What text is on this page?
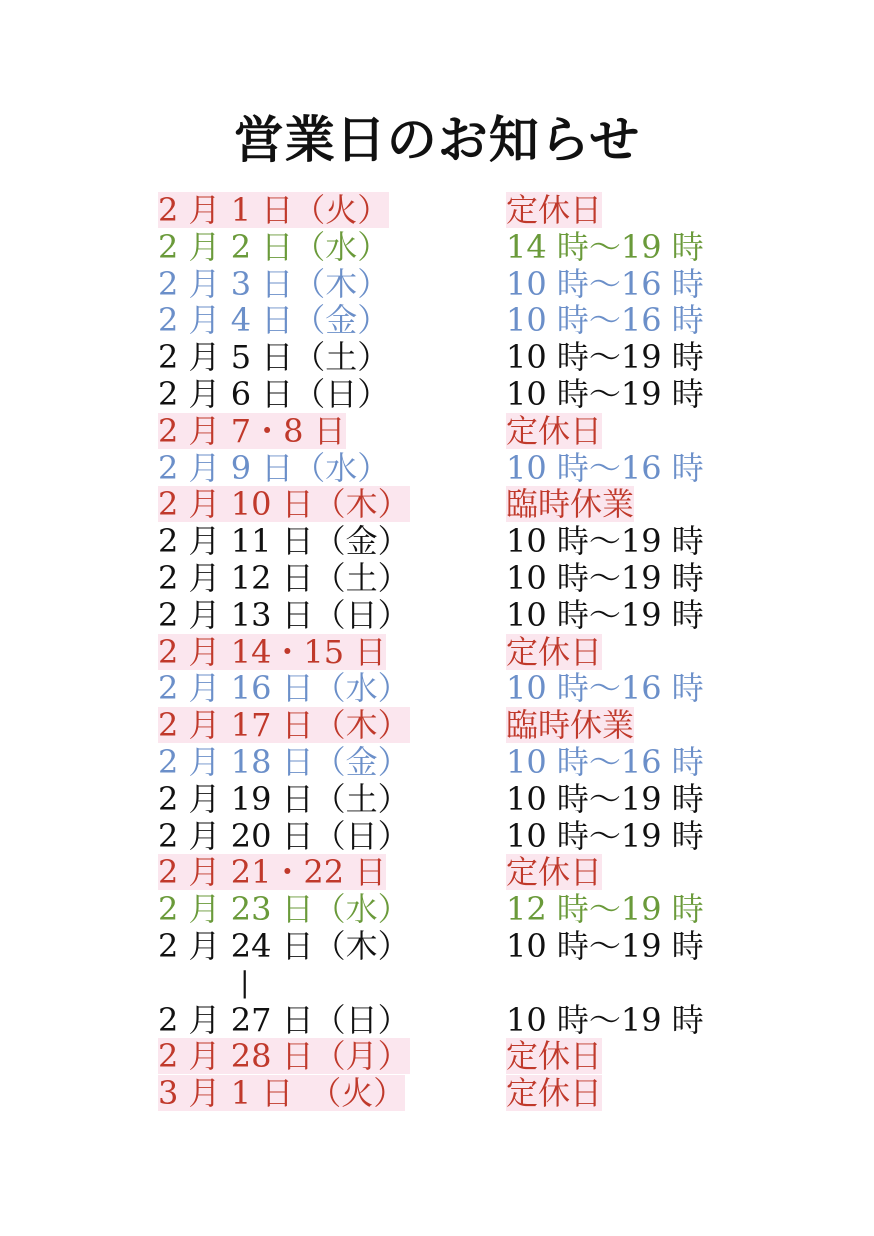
営業日のお知らせ
2 月 1 日（火）	定休日
2 月 2 日（水）	14 時〜19 時
2 月 3 日（木）	10 時〜16 時
2 月 4 日（金）	10 時〜16 時
2 月 5 日（土）	10 時〜19 時
2 月 6 日（日）	10 時〜19 時
2 月 7・8 日	定休日
2 月 9 日（水）	10 時〜16 時
2 月 10 日（木）	臨時休業
2 月 11 日（金）	10 時〜19 時
2 月 12 日（土）	10 時〜19 時
2 月 13 日（日）	10 時〜19 時
2 月 14・15 日	定休日
2 月 16 日（水）	10 時〜16 時
2 月 17 日（木）	臨時休業
2 月 18 日（金）	10 時〜16 時
2 月 19 日（土）	10 時〜19 時
2 月 20 日（日）	10 時〜19 時
2 月 21・22 日	定休日
2 月 23 日（水）	12 時〜19 時
2 月 24 日（木）	10 時〜19 時
|
2 月 27 日（日）	10 時〜19 時
2 月 28 日（月）	定休日
3 月 1 日　（火）	定休日
